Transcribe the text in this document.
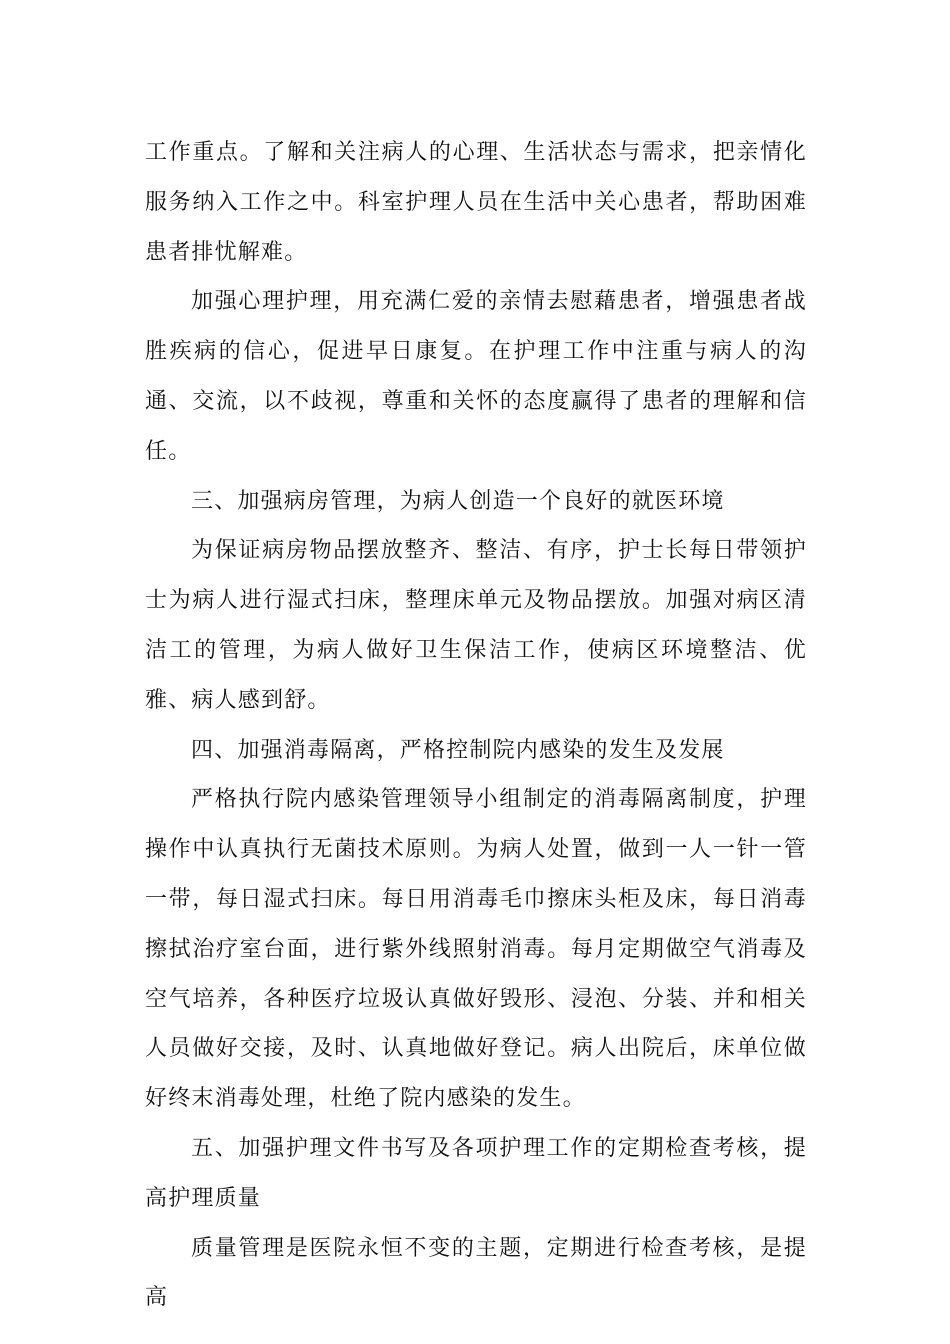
工作重点。了解和关注病人的心理、生活状态与需求，把亲情化服务纳入工作之中。科室护理人员在生活中关心患者，帮助困难患者排忧解难。

加强心理护理，用充满仁爱的亲情去慰藉患者，增强患者战胜疾病的信心，促进早日康复。在护理工作中注重与病人的沟通、交流，以不歧视，尊重和关怀的态度赢得了患者的理解和信任。

三、加强病房管理，为病人创造一个良好的就医环境

为保证病房物品摆放整齐、整洁、有序，护士长每日带领护士为病人进行湿式扫床，整理床单元及物品摆放。加强对病区清洁工的管理，为病人做好卫生保洁工作，使病区环境整洁、优雅、病人感到舒。

四、加强消毒隔离，严格控制院内感染的发生及发展

严格执行院内感染管理领导小组制定的消毒隔离制度，护理操作中认真执行无菌技术原则。为病人处置，做到一人一针一管一带，每日湿式扫床。每日用消毒毛巾擦床头柜及床，每日消毒擦拭治疗室台面，进行紫外线照射消毒。每月定期做空气消毒及空气培养，各种医疗垃圾认真做好毁形、浸泡、分装、并和相关人员做好交接，及时、认真地做好登记。病人出院后，床单位做好终末消毒处理，杜绝了院内感染的发生。

五、加强护理文件书写及各项护理工作的定期检查考核，提高护理质量

质量管理是医院永恒不变的主题，定期进行检查考核，是提高
